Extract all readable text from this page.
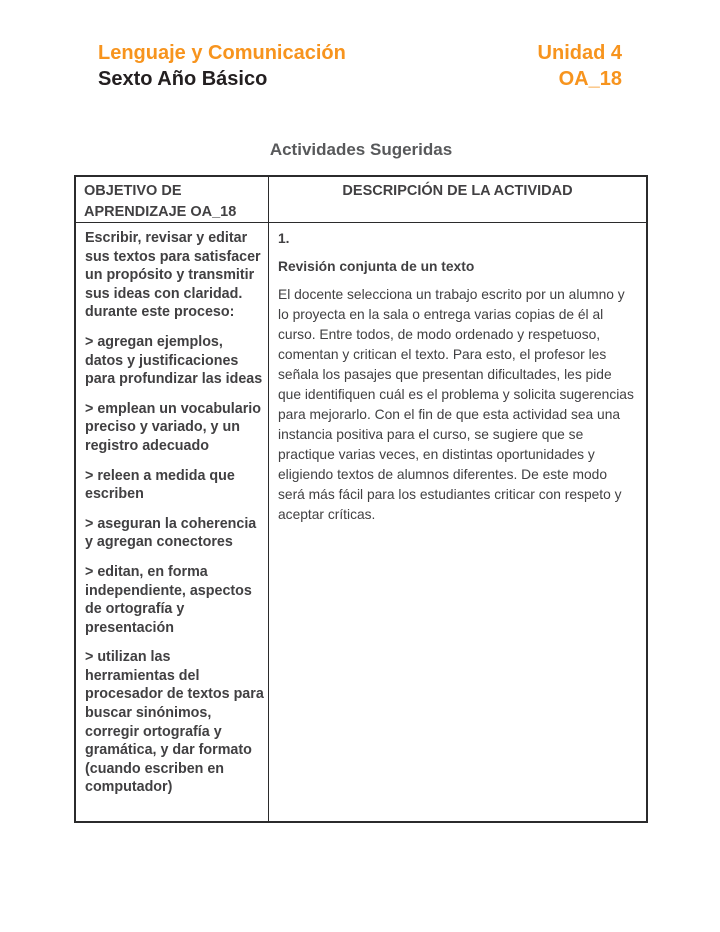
Lenguaje y Comunicación
Sexto Año Básico
Unidad 4
OA_18
Actividades Sugeridas
OBJETIVO DE APRENDIZAJE OA_18
DESCRIPCIÓN DE LA ACTIVIDAD

Escribir, revisar y editar sus textos para satisfacer un propósito y transmitir sus ideas con claridad. durante este proceso:

> agregan ejemplos, datos y justificaciones para profundizar las ideas

> emplean un vocabulario preciso y variado, y un registro adecuado

> releen a medida que escriben

> aseguran la coherencia y agregan conectores

> editan, en forma independiente, aspectos de ortografía y presentación

> utilizan las herramientas del procesador de textos para buscar sinónimos, corregir ortografía y gramática, y dar formato (cuando escriben en computador)

1.

Revisión conjunta de un texto

El docente selecciona un trabajo escrito por un alumno y lo proyecta en la sala o entrega varias copias de él al curso. Entre todos, de modo ordenado y respetuoso, comentan y critican el texto. Para esto, el profesor les señala los pasajes que presentan dificultades, les pide que identifiquen cuál es el problema y solicita sugerencias para mejorarlo. Con el fin de que esta actividad sea una instancia positiva para el curso, se sugiere que se practique varias veces, en distintas oportunidades y eligiendo textos de alumnos diferentes. De este modo será más fácil para los estudiantes criticar con respeto y aceptar críticas.
